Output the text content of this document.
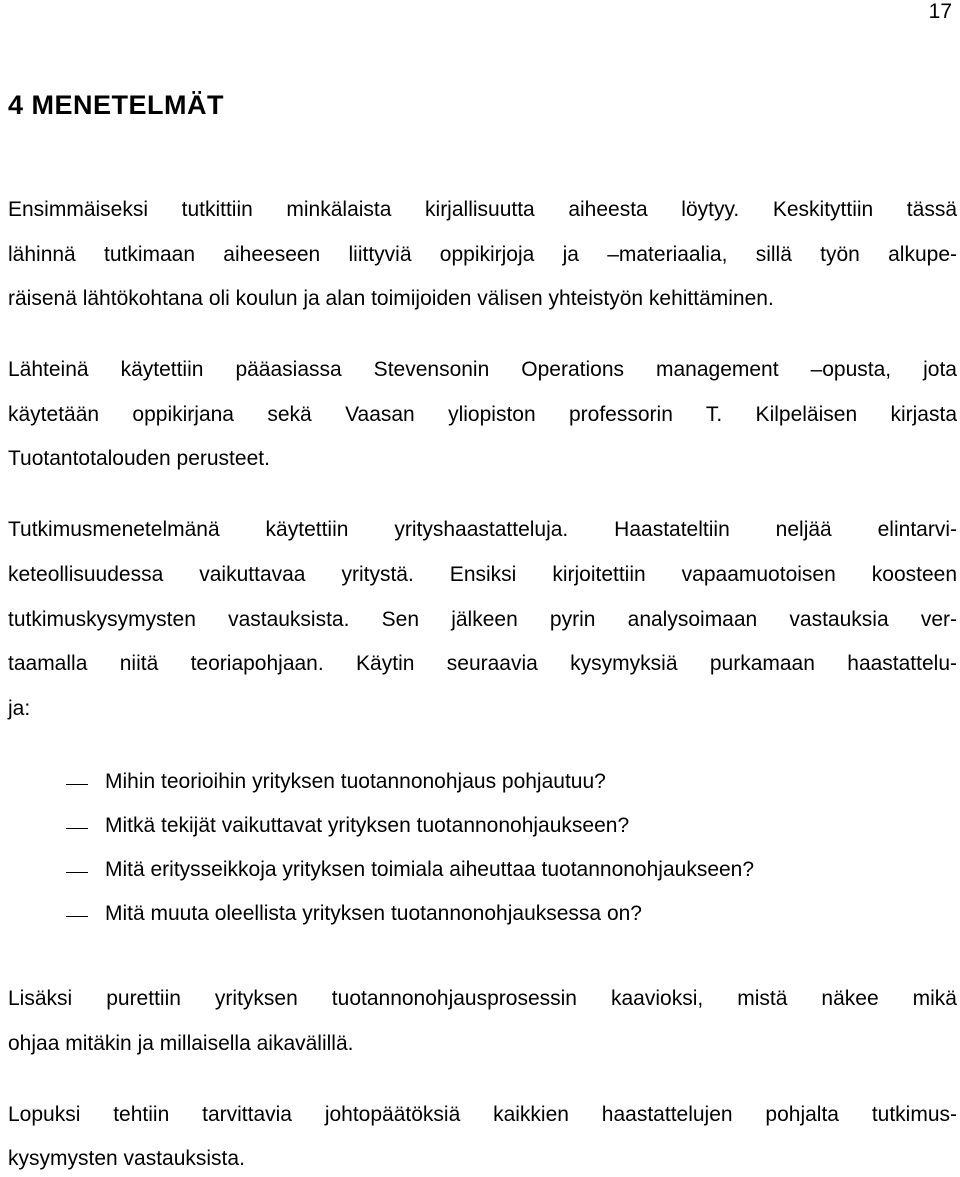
17
4 MENETELMÄT
Ensimmäiseksi tutkittiin minkälaista kirjallisuutta aiheesta löytyy. Keskityttiin tässä
lähinnä tutkimaan aiheeseen liittyviä oppikirjoja ja –materiaalia, sillä työn alkupe-
räisenä lähtökohtana oli koulun ja alan toimijoiden välisen yhteistyön kehittäminen.
Lähteinä käytettiin pääasiassa Stevensonin Operations management –opusta, jota
käytetään oppikirjana sekä Vaasan yliopiston professorin T. Kilpeläisen kirjasta
Tuotantotalouden perusteet.
Tutkimusmenetelmänä käytettiin yrityshaastatteluja. Haastateltiin neljää elintarvi-
keteollisuudessa vaikuttavaa yritystä. Ensiksi kirjoitettiin vapaamuotoisen koosteen
tutkimuskysymysten vastauksista. Sen jälkeen pyrin analysoimaan vastauksia ver-
taamalla niitä teoriapohjaan. Käytin seuraavia kysymyksiä purkamaan haastattelu-
ja:
Mihin teorioihin yrityksen tuotannonohjaus pohjautuu?
Mitkä tekijät vaikuttavat yrityksen tuotannonohjaukseen?
Mitä eritysseikkoja yrityksen toimiala aiheuttaa tuotannonohjaukseen?
Mitä muuta oleellista yrityksen tuotannonohjauksessa on?
Lisäksi purettiin yrityksen tuotannonohjausprosessin kaavioksi, mistä näkee mikä
ohjaa mitäkin ja millaisella aikavälillä.
Lopuksi tehtiin tarvittavia johtopäätöksiä kaikkien haastattelujen pohjalta tutkimus-
kysymysten vastauksista.
